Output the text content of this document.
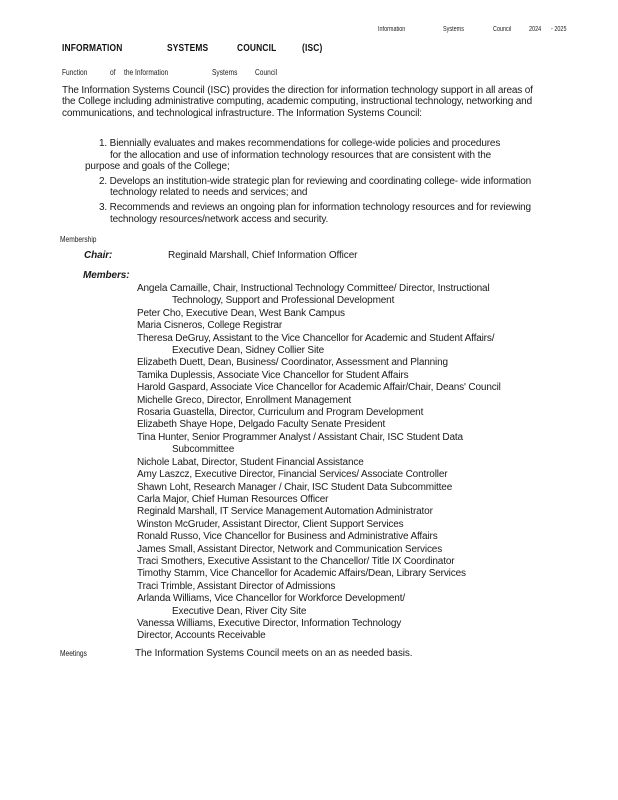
Information	Systems	Council	2024 - 2025
INFORMATION	SYSTEMS	COUNCIL	(ISC)
Function	of the Information	Systems Council
The Information Systems Council (ISC) provides the direction for information technology support in all areas of
the College including administrative computing, academic computing, instructional technology, networking and
communications, and technological infrastructure. The Information Systems Council:
1. Biennially evaluates and makes recommendations for college-wide policies and procedures
for the allocation and use of information technology resources that are consistent with the
purpose and goals of the College;
2. Develops an institution-wide strategic plan for reviewing and coordinating college- wide information
technology related to needs and services; and
3. Recommends and reviews an ongoing plan for information technology resources and for reviewing
technology resources/network access and security.
Membership
Chair:	Reginald Marshall, Chief Information Officer
Members:
Angela Camaille, Chair, Instructional Technology Committee/ Director, Instructional
Technology, Support and Professional Development
Peter Cho, Executive Dean, West Bank Campus
Maria Cisneros, College Registrar
Theresa DeGruy, Assistant to the Vice Chancellor for Academic and Student Affairs/
Executive Dean, Sidney Collier Site
Elizabeth Duett, Dean, Business/ Coordinator, Assessment and Planning
Tamika Duplessis, Associate Vice Chancellor for Student Affairs
Harold Gaspard, Associate Vice Chancellor for Academic Affair/Chair, Deans' Council
Michelle Greco, Director, Enrollment Management
Rosaria Guastella, Director, Curriculum and Program Development
Elizabeth Shaye Hope, Delgado Faculty Senate President
Tina Hunter, Senior Programmer Analyst / Assistant Chair, ISC Student Data
Subcommittee
Nichole Labat, Director, Student Financial Assistance
Amy Laszcz, Executive Director, Financial Services/ Associate Controller
Shawn Loht, Research Manager / Chair, ISC Student Data Subcommittee
Carla Major, Chief Human Resources Officer
Reginald Marshall, IT Service Management Automation Administrator
Winston McGruder, Assistant Director, Client Support Services
Ronald Russo, Vice Chancellor for Business and Administrative Affairs
James Small, Assistant Director, Network and Communication Services
Traci Smothers, Executive Assistant to the Chancellor/ Title IX Coordinator
Timothy Stamm, Vice Chancellor for Academic Affairs/Dean, Library Services
Traci Trimble, Assistant Director of Admissions
Arlanda Williams, Vice Chancellor for Workforce Development/
Executive Dean, River City Site
Vanessa Williams, Executive Director, Information Technology
Director, Accounts Receivable
Meetings	The Information Systems Council meets on an as needed basis.
